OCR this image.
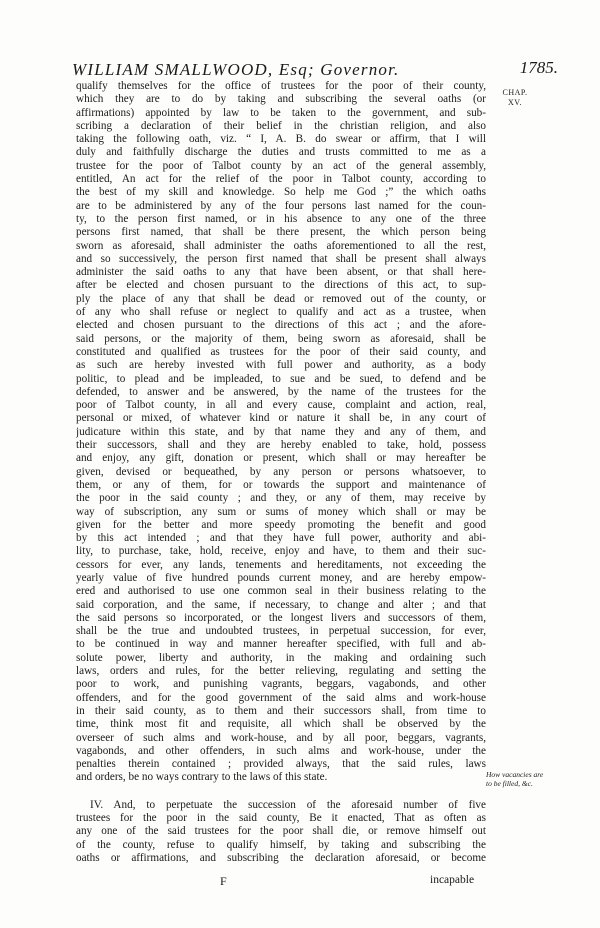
WILLIAM SMALLWOOD, Esq; Governor.	1785.
CHAP.
XV.
qualify themselves for the office of trustees for the poor of their county,
which they are to do by taking and subscribing the several oaths (or
affirmations) appointed by law to be taken to the government, and sub-
scribing a declaration of their belief in the christian religion, and also
taking the following oath, viz. “ I, A. B. do swear or affirm, that I will
duly and faithfully discharge the duties and trusts committed to me as a
trustee for the poor of Talbot county by an act of the general assembly,
entitled, An act for the relief of the poor in Talbot county, according to
the best of my skill and knowledge. So help me God ;” the which oaths
are to be administered by any of the four persons last named for the coun-
ty, to the person first named, or in his absence to any one of the three
persons first named, that shall be there present, the which person being
sworn as aforesaid, shall administer the oaths aforementioned to all the rest,
and so successively, the person first named that shall be present shall always
administer the said oaths to any that have been absent, or that shall here-
after be elected and chosen pursuant to the directions of this act, to sup-
ply the place of any that shall be dead or removed out of the county, or
of any who shall refuse or neglect to qualify and act as a trustee, when
elected and chosen pursuant to the directions of this act ; and the afore-
said persons, or the majority of them, being sworn as aforesaid, shall be
constituted and qualified as trustees for the poor of their said county, and
as such are hereby invested with full power and authority, as a body
politic, to plead and be impleaded, to sue and be sued, to defend and be
defended, to answer and be answered, by the name of the trustees for the
poor of Talbot county, in all and every cause, complaint and action, real,
personal or mixed, of whatever kind or nature it shall be, in any court of
judicature within this state, and by that name they and any of them, and
their successors, shall and they are hereby enabled to take, hold, possess
and enjoy, any gift, donation or present, which shall or may hereafter be
given, devised or bequeathed, by any person or persons whatsoever, to
them, or any of them, for or towards the support and maintenance of
the poor in the said county ; and they, or any of them, may receive by
way of subscription, any sum or sums of money which shall or may be
given for the better and more speedy promoting the benefit and good
by this act intended ; and that they have full power, authority and abi-
lity, to purchase, take, hold, receive, enjoy and have, to them and their suc-
cessors for ever, any lands, tenements and hereditaments, not exceeding the
yearly value of five hundred pounds current money, and are hereby empow-
ered and authorised to use one common seal in their business relating to the
said corporation, and the same, if necessary, to change and alter ; and that
the said persons so incorporated, or the longest livers and successors of them,
shall be the true and undoubted trustees, in perpetual succession, for ever,
to be continued in way and manner hereafter specified, with full and ab-
solute power, liberty and authority, in the making and ordaining such
laws, orders and rules, for the better relieving, regulating and setting the
poor to work, and punishing vagrants, beggars, vagabonds, and other
offenders, and for the good government of the said alms and work-house
in their said county, as to them and their successors shall, from time to
time, think most fit and requisite, all which shall be observed by the
overseer of such alms and work-house, and by all poor, beggars, vagrants,
vagabonds, and other offenders, in such alms and work-house, under the
penalties therein contained ; provided always, that the said rules, laws
and orders, be no ways contrary to the laws of this state.
IV. And, to perpetuate the succession of the aforesaid number of five
trustees for the poor in the said county, Be it enacted, That as often as
any one of the said trustees for the poor shall die, or remove himself out
of the county, refuse to qualify himself, by taking and subscribing the
oaths or affirmations, and subscribing the declaration aforesaid, or become
How vacancies are to be filled, &c.
F	incapable
